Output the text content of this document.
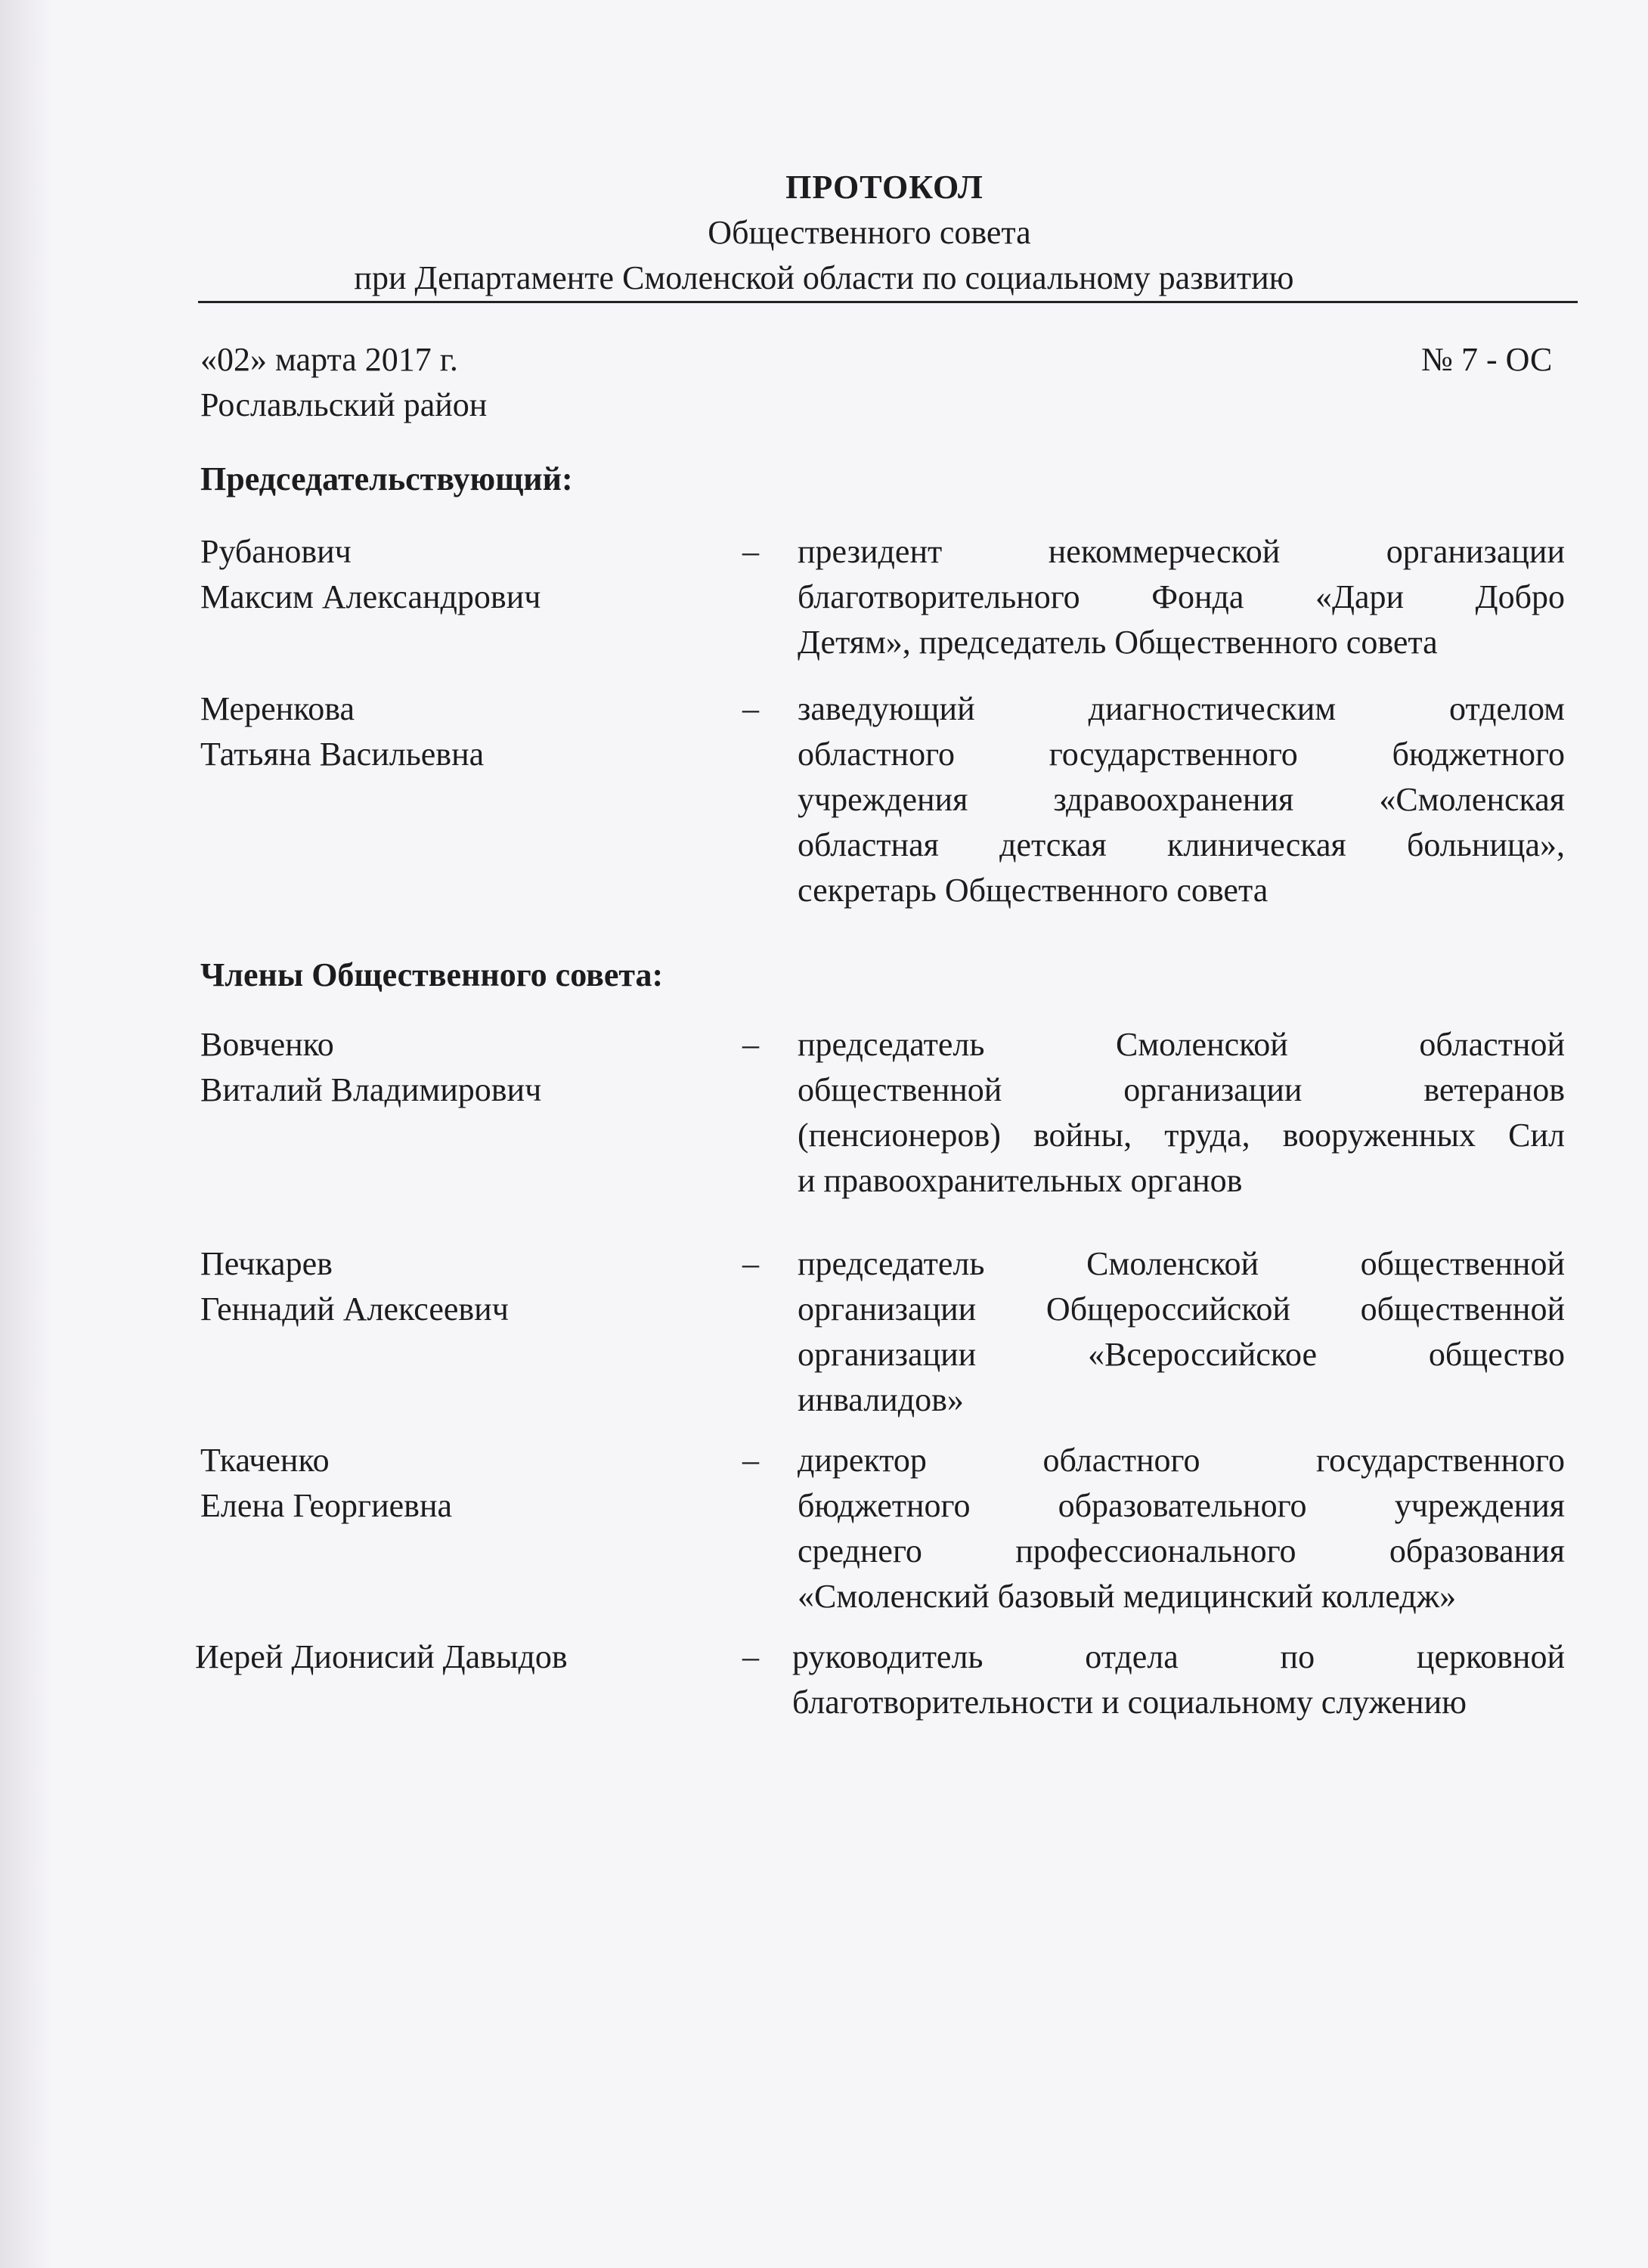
ПРОТОКОЛ
Общественного совета
при Департаменте Смоленской области по социальному развитию
«02» марта 2017 г.	№ 7 - ОС
Рославльский район
Председательствующий:
Рубанович
Максим Александрович
– президент некоммерческой организации
благотворительного Фонда «Дари Добро
Детям», председатель Общественного совета
Меренкова
Татьяна Васильевна
– заведующий диагностическим отделом
областного государственного бюджетного
учреждения здравоохранения «Смоленская
областная детская клиническая больница»,
секретарь Общественного совета
Члены Общественного совета:
Вовченко
Виталий Владимирович
– председатель Смоленской областной
общественной организации ветеранов
(пенсионеров) войны, труда, вооруженных Сил
и правоохранительных органов
Печкарев
Геннадий Алексеевич
– председатель Смоленской общественной
организации Общероссийской общественной
организации «Всероссийское общество
инвалидов»
Ткаченко
Елена Георгиевна
– директор областного государственного
бюджетного образовательного учреждения
среднего профессионального образования
«Смоленский базовый медицинский колледж»
Иерей Дионисий Давыдов	– руководитель отдела по церковной
благотворительности и социальному служению
